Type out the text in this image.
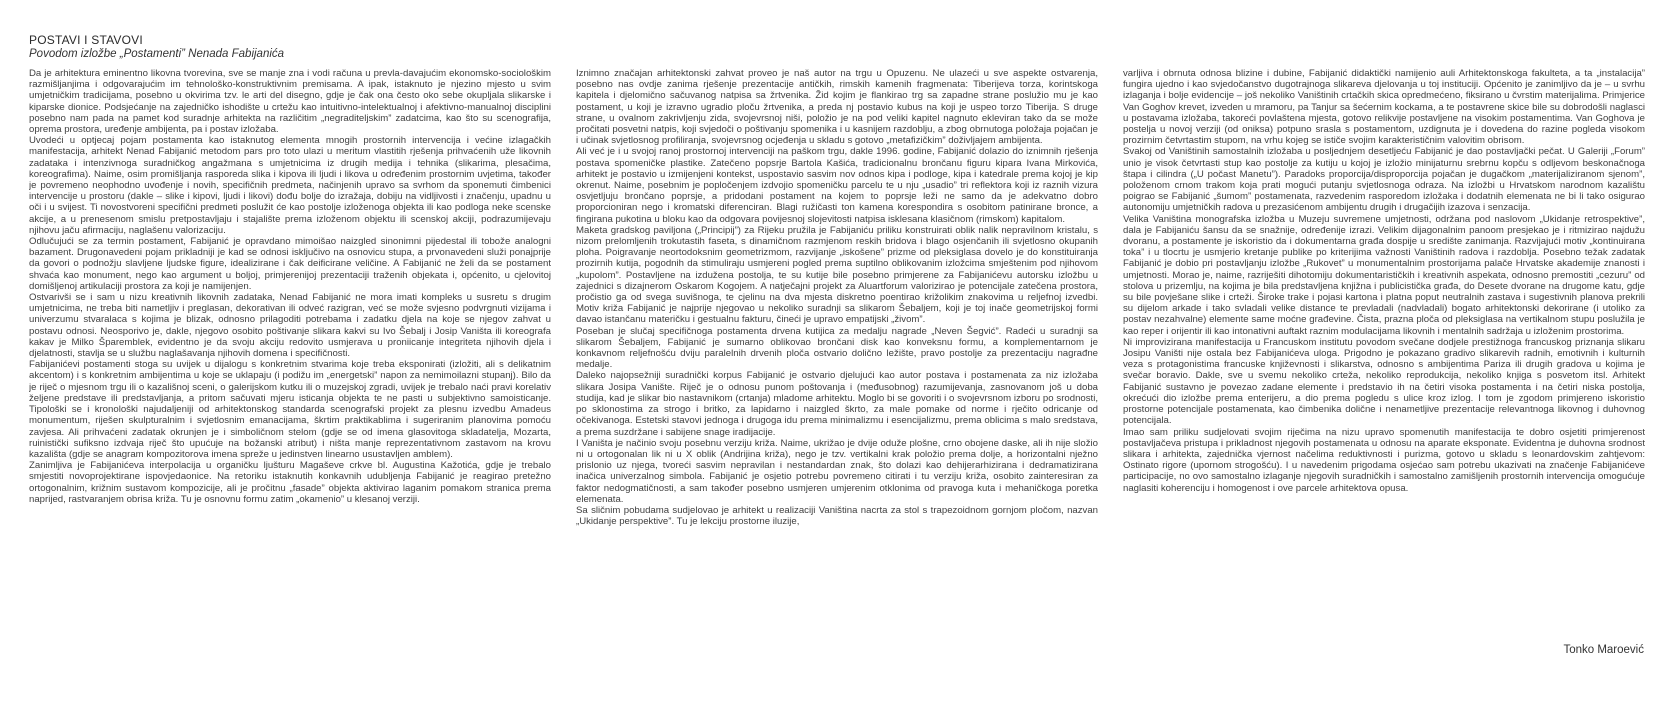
POSTAVI I STAVOVI
Povodom izložbe „Postamenti” Nenada Fabijanića

Da je arhitektura eminentno likovna tvorevina, sve se manje zna i vodi računa u prevla-davajućim ekonomsko-sociološkim razmišljanjima i odgovarajućim im tehnološko-konstruktivnim premisama. A ipak, istaknuto je njezino mjesto u svim umjetničkim tradicijama, posebno u okvirima tzv. le arti del disegno, gdje je čak ona često oko sebe okupljala slikarske i kiparske dionice. Podsjećanje na zajedničko ishodište u crtežu kao intuitivno-intelektualnoj i afektivno-manualnoj disciplini posebno nam pada na pamet kod suradnje arhitekta na različitim „negraditeljskim” zadatcima, kao što su scenografija, oprema prostora, uređenje ambijenta, pa i postav izložaba.

Uvodeći u optjecaj pojam postamenta kao istaknutog elementa mnogih prostornih intervencija i većine izlagačkih manifestacija, arhitekt Nenad Fabijanić metodom pars pro toto ulazi u meritum vlastitih rješenja prihvaćenih uže likovnih zadataka i intenzivnoga suradničkog angažmana s umjetnicima iz drugih medija i tehnika (slikarima, plesačima, koreografima). Naime, osim promišljanja rasporeda slika i kipova ili ljudi i likova u određenim prostornim uvjetima, također je povremeno neophodno uvođenje i novih, specifičnih predmeta, načinjenih upravo sa svrhom da sponemuti čimbenici intervencije u prostoru (dakle – slike i kipovi, ljudi i likovi) dođu bolje do izražaja, dobiju na vidljivosti i značenju, upadnu u oči i u svijest. Ti novostvoreni specifični predmeti poslužit će kao postolje izloženoga objekta ili kao podloga neke scenske akcije, a u prenesenom smislu pretpostavljaju i stajalište prema izloženom objektu ili scenskoj akciji, podrazumijevaju njihovu jaču afirmaciju, naglašenu valorizaciju.

Odlučujući se za termin postament, Fabijanić je opravdano mimoišao naizgled sinonimni pijedestal ili tobože analogni bazament. Drugonavedeni pojam prikladniji je kad se odnosi isključivo na osnovicu stupa, a prvonavedeni služi ponajprije da govori o podnožju slavljene ljudske figure, idealizirane i čak deificirane veličine. A Fabijanić ne želi da se postament shvaća kao monument, nego kao argument u boljoj, primjerenijoj prezentaciji traženih objekata i, općenito, u cjelovitoj domišljenoj artikulaciji prostora za koji je namijenjen.

Ostvarivši se i sam u nizu kreativnih likovnih zadataka, Nenad Fabijanić ne mora imati kompleks u susretu s drugim umjetnicima, ne treba biti nametljiv i preglasan, dekorativan ili odveć razigran, već se može svjesno podvrgnuti vizijama i univerzumu stvaralaca s kojima je blizak, odnosno prilagoditi potrebama i zadatku djela na koje se njegov zahvat u postavu odnosi. Neosporivo je, dakle, njegovo osobito poštivanje slikara kakvi su Ivo Šebalj i Josip Vaništa ili koreografa kakav je Milko Šparemblek, evidentno je da svoju akciju redovito usmjerava u proniicanje integriteta njihovih djela i djelatnosti, stavlja se u službu naglašavanja njihovih domena i specifičnosti.

Fabijanićevi postamenti stoga su uvijek u dijalogu s konkretnim stvarima koje treba eksponirati (izložiti, ali s delikatnim akcentom) i s konkretnim ambijentima u koje se uklapaju (i podižu im „energetski” napon za nemimoilazni stupanj). Bilo da je riječ o mjesnom trgu ili o kazališnoj sceni, o galerijskom kutku ili o muzejskoj zgradi, uvijek je trebalo naći pravi korelativ željene predstave ili predstavljanja, a pritom sačuvati mjeru isticanja objekta te ne pasti u subjektivno samoisticanje. Tipološki se i kronološki najudaljeniji od arhitektonskog standarda scenografski projekt za plesnu izvedbu Amadeus monumentum, riješen skulpturalnim i svjetlosnim emanacijama, škrtim praktikablima i sugeriranim planovima pomoću zavjesa. Ali prihvaćeni zadatak okrunjen je i simboličnom stelom (gdje se od imena glasovitoga skladatelja, Mozarta, ruinistički sufiksno izdvaja riječ što upućuje na božanski atribut) i ništa manje reprezentativnom zastavom na krovu kazališta (gdje se anagram kompozitorova imena spreže u jedinstven linearno usustavljen amblem).

Zanimljiva je Fabijanićeva interpolacija u organičku ljušturu Magaševe crkve bl. Augustina Kažotića, gdje je trebalo smjestiti novoprojektirane ispovjedaonice. Na retoriku istaknutih konkavnih udubljenja Fabijanić je reagirao pretežno ortogonalnim, križnim sustavom kompozicije, ali je pročitnu „fasade” objekta aktivirao laganim pomakom stranica prema naprijed, rastvaranjem obrisa križa. Tu je osnovnu formu zatim „okamenio” u klesanoj verziji.

Iznimno značajan arhitektonski zahvat proveo je naš autor na trgu u Opuzenu. Ne ulazeći u sve aspekte ostvarenja, posebno nas ovdje zanima rješenje prezentacije antičkih, rimskih kamenih fragmenata: Tiberijeva torza, korintskoga kapitela i djelomično sačuvanog natpisa sa žrtvenika. Žid kojim je flankirao trg sa zapadne strane poslužio mu je kao postament, u koji je izravno ugradio ploču žrtvenika, a preda nj postavio kubus na koji je uspeo torzo Tiberija. S druge strane, u ovalnom zakrivljenju zida, svojevrsnoj niši, položio je na pod veliki kapitel nagnuto ekleviran tako da se može pročitati posvetni natpis, koji svjedoči o poštivanju spomenika i u kasnijem razdoblju, a zbog obrnutoga položaja pojačan je i učinak svjetlosnog profiliranja, svojevrsnog ocjeđenja u skladu s gotovo „metafizičkim” doživljajem ambijenta.

Ali već je i u svojoj ranoj prostornoj intervenciji na paškom trgu, dakle 1996. godine, Fabijanić dolazio do iznimnih rješenja postava spomeničke plastike. Zatečeno popsrje Bartola Kašića, tradicionalnu brončanu figuru kipara Ivana Mirkovića, arhitekt je postavio u izmijenjeni kontekst, uspostavio sasvim nov odnos kipa i podloge, kipa i katedrale prema kojoj je kip okrenut. Naime, posebnim je popločenjem izdvojio spomeničku parcelu te u nju „usadio” tri reflektora koji iz raznih vizura osvjetljuju brončano poprsje, a pridodani postament na kojem to poprsje leži ne samo da je adekvatno dobro proporcioniran nego i kromatski diferenciran. Blagi ružičasti ton kamena korespondira s osobitom patiniranе bronce, a fingirana pukotina u bloku kao da odgovara povijesnoj slojevitosti natpisa isklesana klasičnom (rimskom) kapitalom.

Maketa gradskog paviljona („Principij”) za Rijeku pružila je Fabijaniću priliku konstruirati oblik nalik nepravilnom kristalu, s nizom prelomljenih trokutastih faseta, s dinamičnom razmjenom reskih bridova i blago osjenčanih ili svjetlosno okupanih ploha. Poigravanje neortodoksnim geometrizmom, razvijanje „iskošene” prizme od pleksiglasa dovelo je do konstituiranja prozirnih kutija, pogodnih da stimuliraju usmjereni pogled prema suptilno oblikovanim izložcima smještenim pod njihovom „kupolom”. Postavljene na izduženа postolja, te su kutije bile posebno primjerene za Fabijanićevu autorsku izložbu u zajednici s dizajnerom Oskarom Kogojem. A natječajni projekt za Aluartforum valorizirao je potencijale zatečena prostora, pročistio ga od svega suvišnoga, te cjelinu na dva mjesta diskretno poentirao križolikim znakovima u reljefnoj izvedbi. Motiv križa Fabijanić je najprije njegovao u nekoliko suradnji sa slikarom Šebaljem, koji je toj inače geometrijskoj formi davao istančanu materičku i gestualnu fakturu, čineći je upravo empatijski „živom”.

Poseban je slučaj specifičnoga postamenta drvena kutijica za medalju nagrade „Neven Šegvić”. Radeći u suradnji sa slikarom Šebaljem, Fabijanić je sumarno oblikovao brončani disk kao konveksnu formu, a komplementarnom je konkavnom reljefnošću dviju paralelnih drvenih ploča ostvario doličnо ležište, pravo postolje za prezentaciju nagrađne medalje.

Daleko najopsežniji suradnički korpus Fabijanić je ostvario djelujući kao autor postava i postamenata za niz izložaba slikara Josipa Vanište. Riječ je o odnosu punom poštovanja i (međusobnog) razumijevanja, zasnovanom još u doba studija, kad je slikar bio nastavnikom (crtanja) mladome arhitektu. Moglo bi se govoriti i o svojevrsnom izboru po srodnosti, po sklonostima za strogo i britko, za lapidarno i naizgled škrto, za male pomake od norme i rječito odricanje od očekivanoga. Estetski stavovi jednoga i drugoga idu prema minimalizmu i esencijalizmu, prema oblicima s malo sredstava, a prema suzdržane i sabijene snage iradijacije.

I Vaništa je načinio svoju posebnu verziju križa. Naime, ukrižao je dvije odužе plošne, crno obojene daske, ali ih nije složio ni u ortogonalan lik ni u X oblik (Andrijina križa), nego je tzv. vertikalni krak položio prema dolje, a horizontalni nježno prislonio uz njega, tvoreći sasvim nepravilan i nestandardan znak, što dolazi kao dehijerarhiziranа i dedramatizirana inačica univerzalnog simbola. Fabijanić je osjetio potrebu povremeno citirati i tu verziju križa, osobito zainteresiran za faktor nedogmatičnosti, a sam također posebno usmjeren umjerenim otklonima od pravoga kuta i mehaničkoga poretka elemenata.

Sa sličnim pobudama sudjelovao je arhitekt u realizaciji Vaniština nacrta za stol s trapezoidnom gornjom pločom, nazvan „Ukidanje perspektive”. Tu je lekciju prostorne iluzije,

varljiva i obrnuta odnosa blizine i dubine, Fabijanić didaktički namijenio auli Arhitektonskoga fakulteta, a ta „instalacija” fungira ujedno i kao svjedočanstvo dugotrajnoga slikareva djelovanja u toj instituciji. Općenito je zanimljivo da je – u svrhu izlaganja i bolje evidencije – još nekoliko Vaništinih crtačkih skica opredmećeno, fiksirano u čvrstim materijalima. Primjerice Van Goghov krevet, izveden u mramoru, pa Tanjur sa šećernim kockama, a te postavrene skice bile su dobrodošli naglasci u postavama izložaba, takoreći povlaštena mjesta, gotovo relikvije postavljene na visokim postamentima. Van Goghova je postelja u novoj verziji (od oniksa) potpuno srasla s postamentom, uzdignuta je i dovedena do razine pogleda visokom prozirnim četvrtastim stupom, na vrhu kojeg se ističe svojim karakterističnim valovitim obrisom.

Svakoj od Vaništinih samostalnih izložaba u posljednjem desetljeću Fabijanić je dao postavljački pečat. U Galeriji „Forum” unio je visok četvrtasti stup kao postolje za kutiju u kojoj je izložio minijaturnu srebrnu kopču s odljevom beskonačnoga štapa i cilindra („U počast Manetu”). Paradoks proporcija/disproporcija pojačan je dugačkom „materijaliziranom sjenom”, položenom crnom trakom koja prati mogući putanju svjetlosnoga odraza. Na izložbi u Hrvatskom narodnom kazalištu poigrao se Fabijanić „šumom” postamenata, razvedenim rasporedom izložaka i dodatnih elemenata ne bi li tako osigurao autonomiju umjetničkih radova u prezasićenom ambijentu drugih i drugačijih izazova i senzacija.

Velika Vaniština monografska izložba u Muzeju suvremene umjetnosti, održana pod naslovom „Ukidanje retrospektive”, dala je Fabijaniću šansu da se snažnije, određenije izrazi. Velikim dijagonalnim panoom presjekao je i ritmizirao najdužu dvoranu, a postamente je iskoristio da i dokumentarna građa dospije u središte zanimanja. Razvijajući motiv „kontinuirana toka” i u tlocrtu je usmjerio kretanje publike po kriterijima važnosti Vaništinih radova i razdoblja. Posebno težak zadatak Fabijanić je dobio pri postavljanju izložbe „Rukovet” u monumentalnim prostorijama palače Hrvatske akademije znanosti i umjetnosti. Morao je, naime, razriješiti dihotomiju dokumentarističkih i kreativnih aspekata, odnosno premostiti „cezuru” od stolova u prizemlju, na kojima je bila predstavljena knjižna i publicistička građa, do Desete dvorane na drugome katu, gdje su bile povješane slike i crteži. Široke trake i pojasi kartona i platna poput neutralnih zastava i sugestivnih planova prekrili su dijelom arkade i tako svladali velike distance te prevladali (nadvladali) bogato arhitektonski dekorirane (i utoliko za postav nezahvalne) elemente same moćne građevine. Čista, prazna ploča od pleksiglasa na vertikalnom stupu poslužila je kao reper i orijentir ili kao intonativni auftakt raznim modulacijama likovnih i mentalnih sadržaja u izloženim prostorima.

Ni improvizirana manifestacija u Francuskom institutu povodom svečane dodjele prestižnoga francuskog priznanja slikaru Josipu Vaništi nije ostala bez Fabijanićeva uloga. Prigodno je pokazano gradivo slikarevih radnih, emotivnih i kulturnih veza s protagonistima francuske književnosti i slikarstva, odnosno s ambijentima Pariza ili drugih gradova u kojima je svečar boravio. Dakle, sve u svemu nekoliko crteža, nekoliko reprodukcija, nekoliko knjiga s posvetom itsl. Arhitekt Fabijanić sustavno je povezao zadane elemente i predstavio ih na četiri visoka postamenta i na četiri niska postolja, okrećući dio izložbe prema enterijeru, a dio prema pogledu s ulice kroz izlog. I tom je zgodom primjereno iskoristio prostorne potencijale postamenata, kao čimbenika dolične i nenametljive prezentacije relevantnoga likovnog i duhovnog potencijala.

Imao sam priliku sudjelovati svojim riječima na nizu upravo spomenutih manifestacija te dobro osjetiti primjerenost postavljačeva pristupa i prikladnost njegovih postamenata u odnosu na aparate eksponate. Evidentna je duhovna srodnost slikara i arhitekta, zajednička vjernost načelima reduktivnosti i purizma, gotovo u skladu s leonardovskim zahtjevom: Ostinato rigore (upornom strogošću). I u navedenim prigodama osjećao sam potrebu ukazivati na značenje Fabijanićeve participacije, no ovo samostalno izlaganje njegovih suradničkih i samostalno zamišljenih prostornih intervencija omogućuje naglasiti koherenciju i homogenost i ove parcele arhitektova opusa.

Tonko Maroević
